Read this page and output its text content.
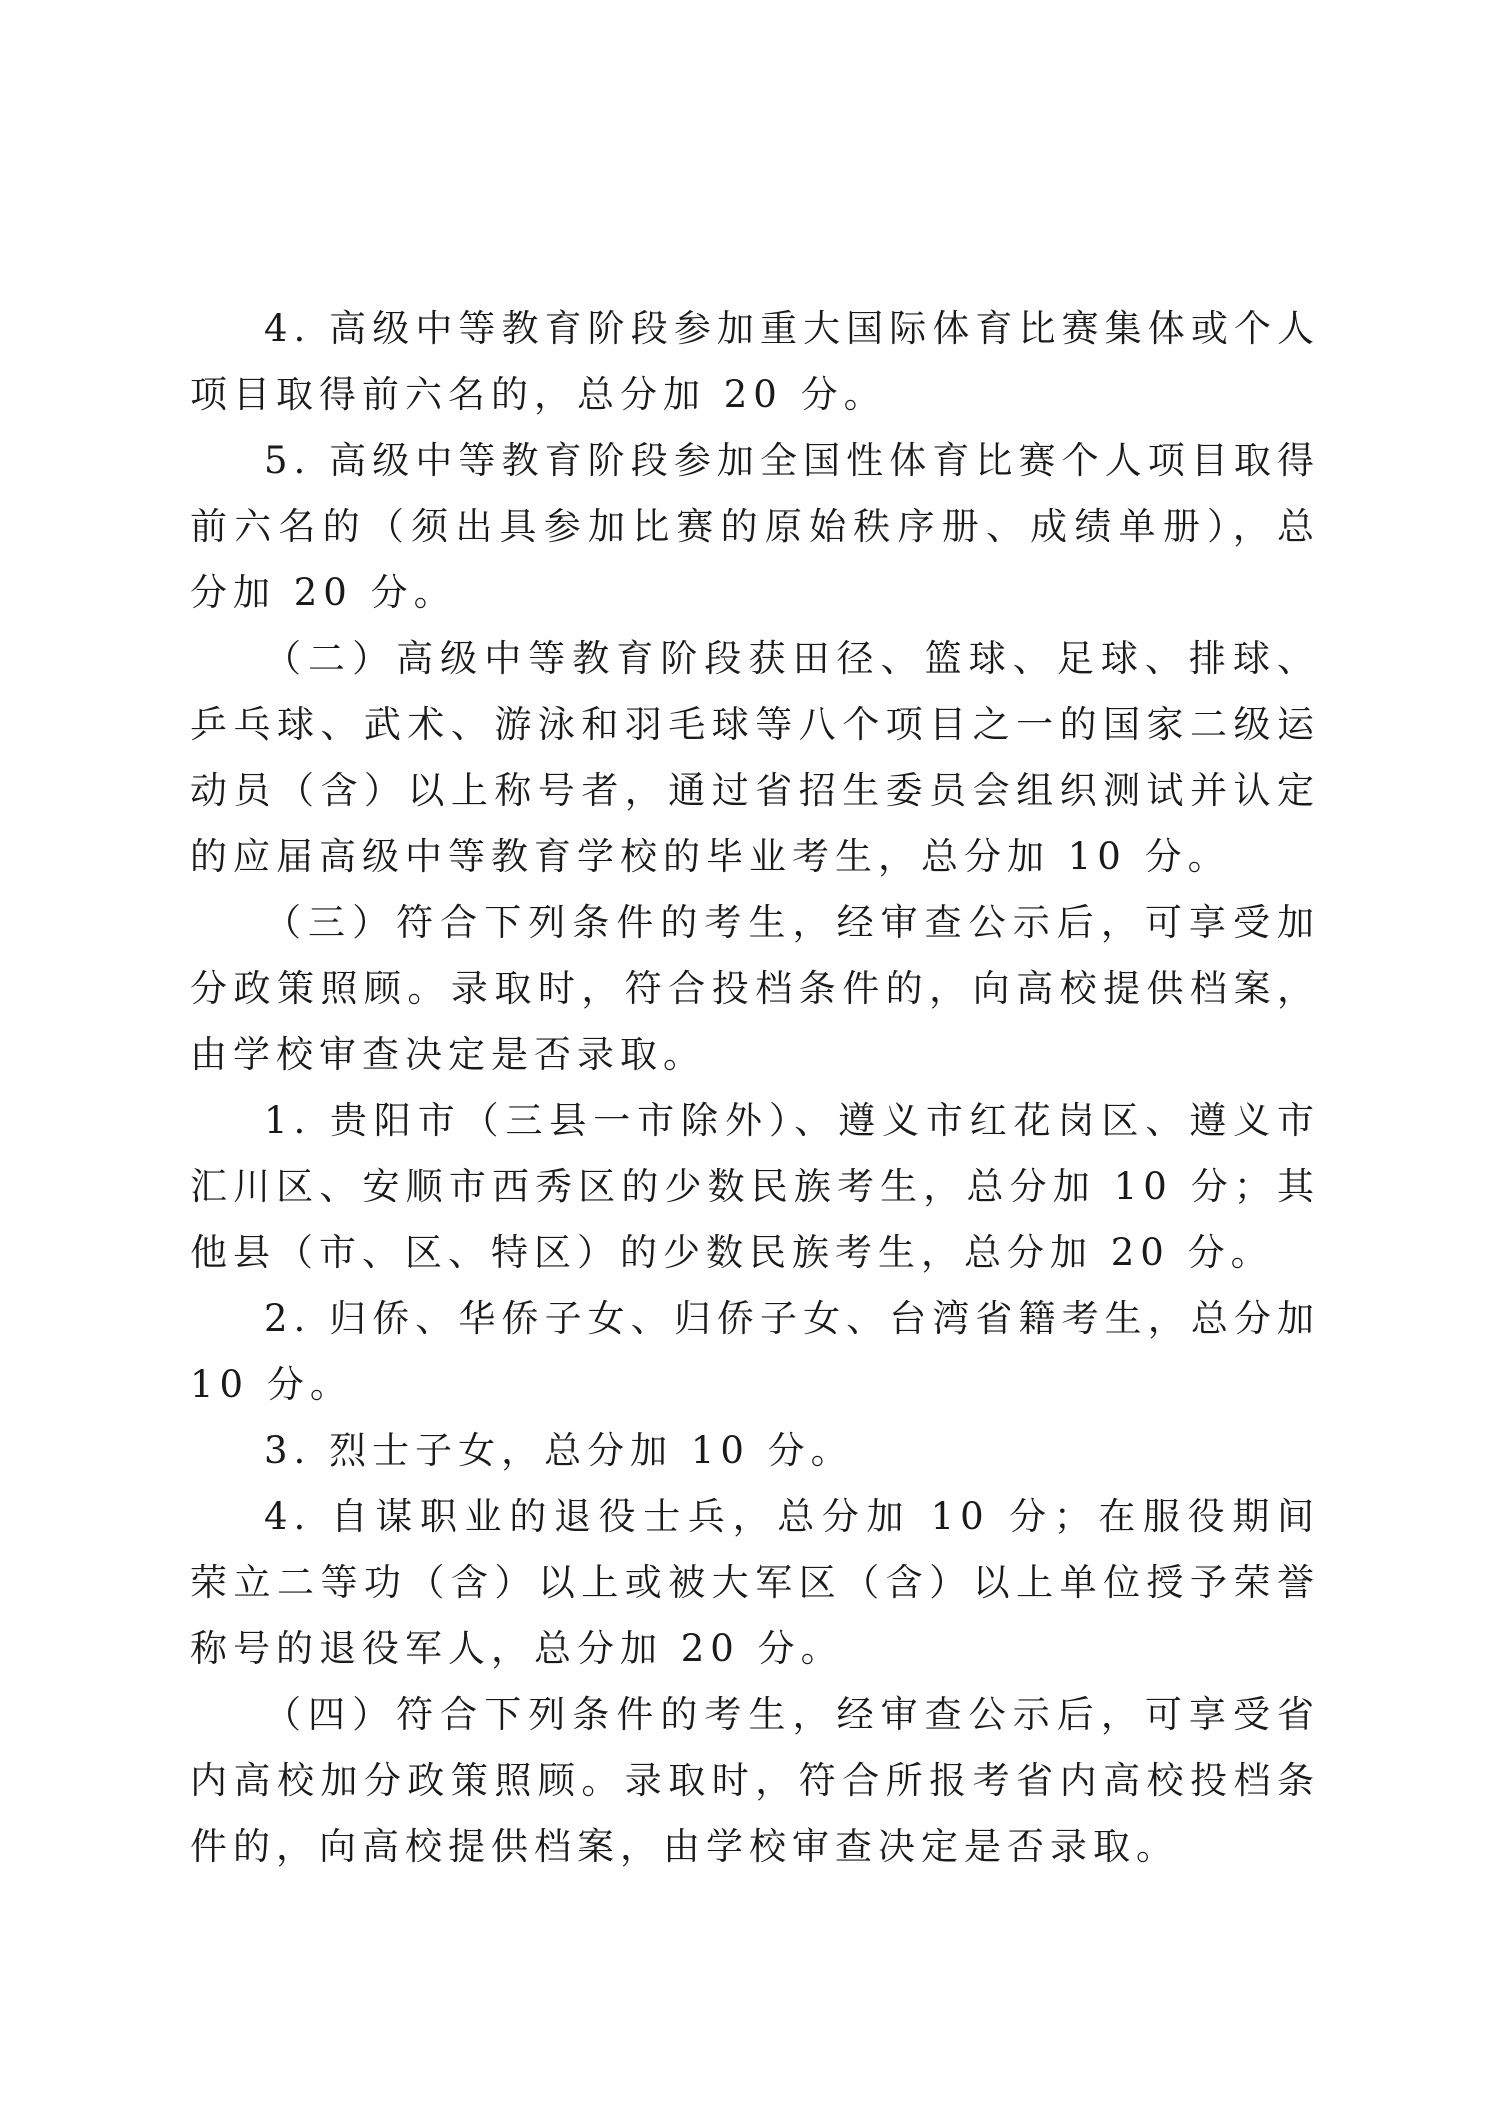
4. 高级中等教育阶段参加重大国际体育比赛集体或个人项目取得前六名的，总分加 20 分。

5. 高级中等教育阶段参加全国性体育比赛个人项目取得前六名的（须出具参加比赛的原始秩序册、成绩单册），总分加 20 分。

（二）高级中等教育阶段获田径、篮球、足球、排球、乒乓球、武术、游泳和羽毛球等八个项目之一的国家二级运动员（含）以上称号者，通过省招生委员会组织测试并认定的应届高级中等教育学校的毕业考生，总分加 10 分。

（三）符合下列条件的考生，经审查公示后，可享受加分政策照顾。录取时，符合投档条件的，向高校提供档案，由学校审查决定是否录取。

1. 贵阳市（三县一市除外）、遵义市红花岗区、遵义市汇川区、安顺市西秀区的少数民族考生，总分加 10 分；其他县（市、区、特区）的少数民族考生，总分加 20 分。

2. 归侨、华侨子女、归侨子女、台湾省籍考生，总分加 10 分。

3. 烈士子女，总分加 10 分。

4. 自谋职业的退役士兵，总分加 10 分；在服役期间荣立二等功（含）以上或被大军区（含）以上单位授予荣誉称号的退役军人，总分加 20 分。

（四）符合下列条件的考生，经审查公示后，可享受省内高校加分政策照顾。录取时，符合所报考省内高校投档条件的，向高校提供档案，由学校审查决定是否录取。
